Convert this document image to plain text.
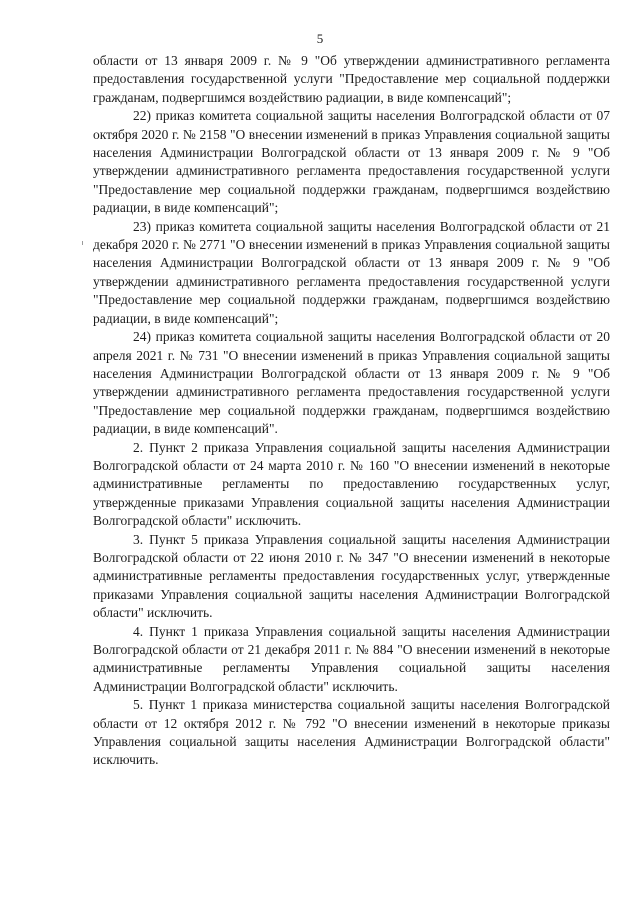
5

области от 13 января 2009 г. № 9 "Об утверждении административного регламента предоставления государственной услуги "Предоставление мер социальной поддержки гражданам, подвергшимся воздействию радиации, в виде компенсаций";

22) приказ комитета социальной защиты населения Волгоградской области от 07 октября 2020 г. № 2158 "О внесении изменений в приказ Управления социальной защиты населения Администрации Волгоградской области от 13 января 2009 г. № 9 "Об утверждении административного регламента предоставления государственной услуги "Предоставление мер социальной поддержки гражданам, подвергшимся воздействию радиации, в виде компенсаций";

23) приказ комитета социальной защиты населения Волгоградской области от 21 декабря 2020 г. № 2771 "О внесении изменений в приказ Управления социальной защиты населения Администрации Волгоградской области от 13 января 2009 г. № 9 "Об утверждении административного регламента предоставления государственной услуги "Предоставление мер социальной поддержки гражданам, подвергшимся воздействию радиации, в виде компенсаций";

24) приказ комитета социальной защиты населения Волгоградской области от 20 апреля 2021 г. № 731 "О внесении изменений в приказ Управления социальной защиты населения Администрации Волгоградской области от 13 января 2009 г. № 9 "Об утверждении административного регламента предоставления государственной услуги "Предоставление мер социальной поддержки гражданам, подвергшимся воздействию радиации, в виде компенсаций".

2. Пункт 2 приказа Управления социальной защиты населения Администрации Волгоградской области от 24 марта 2010 г. № 160 "О внесении изменений в некоторые административные регламенты по предоставлению государственных услуг, утвержденные приказами Управления социальной защиты населения Администрации Волгоградской области" исключить.

3. Пункт 5 приказа Управления социальной защиты населения Администрации Волгоградской области от 22 июня 2010 г. № 347 "О внесении изменений в некоторые административные регламенты предоставления государственных услуг, утвержденные приказами Управления социальной защиты населения Администрации Волгоградской области" исключить.

4. Пункт 1 приказа Управления социальной защиты населения Администрации Волгоградской области от 21 декабря 2011 г. № 884 "О внесении изменений в некоторые административные регламенты Управления социальной защиты населения Администрации Волгоградской области" исключить.

5. Пункт 1 приказа министерства социальной защиты населения Волгоградской области от 12 октября 2012 г. № 792 "О внесении изменений в некоторые приказы Управления социальной защиты населения Администрации Волгоградской области" исключить.
